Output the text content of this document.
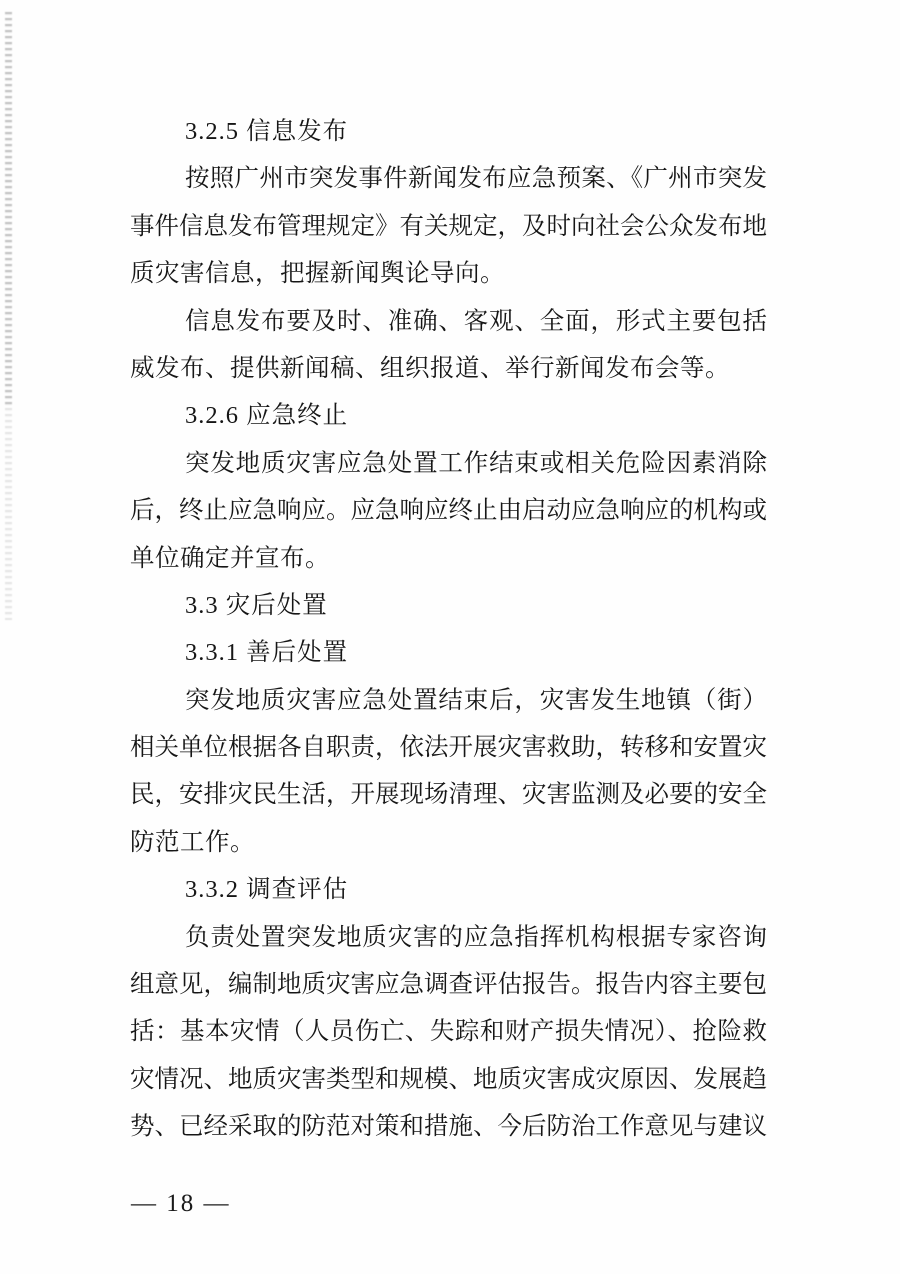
3.2.5 信息发布
按照广州市突发事件新闻发布应急预案、《广州市突发
事件信息发布管理规定》有关规定，及时向社会公众发布地
质灾害信息，把握新闻舆论导向。
信息发布要及时、准确、客观、全面，形式主要包括
威发布、提供新闻稿、组织报道、举行新闻发布会等。
3.2.6 应急终止
突发地质灾害应急处置工作结束或相关危险因素消除
后，终止应急响应。应急响应终止由启动应急响应的机构或
单位确定并宣布。
3.3 灾后处置
3.3.1 善后处置
突发地质灾害应急处置结束后，灾害发生地镇（街）
相关单位根据各自职责，依法开展灾害救助，转移和安置灾
民，安排灾民生活，开展现场清理、灾害监测及必要的安全
防范工作。
3.3.2 调查评估
负责处置突发地质灾害的应急指挥机构根据专家咨询
组意见，编制地质灾害应急调查评估报告。报告内容主要包
括：基本灾情（人员伤亡、失踪和财产损失情况）、抢险救
灾情况、地质灾害类型和规模、地质灾害成灾原因、发展趋
势、已经采取的防范对策和措施、今后防治工作意见与建议
— 18 —
